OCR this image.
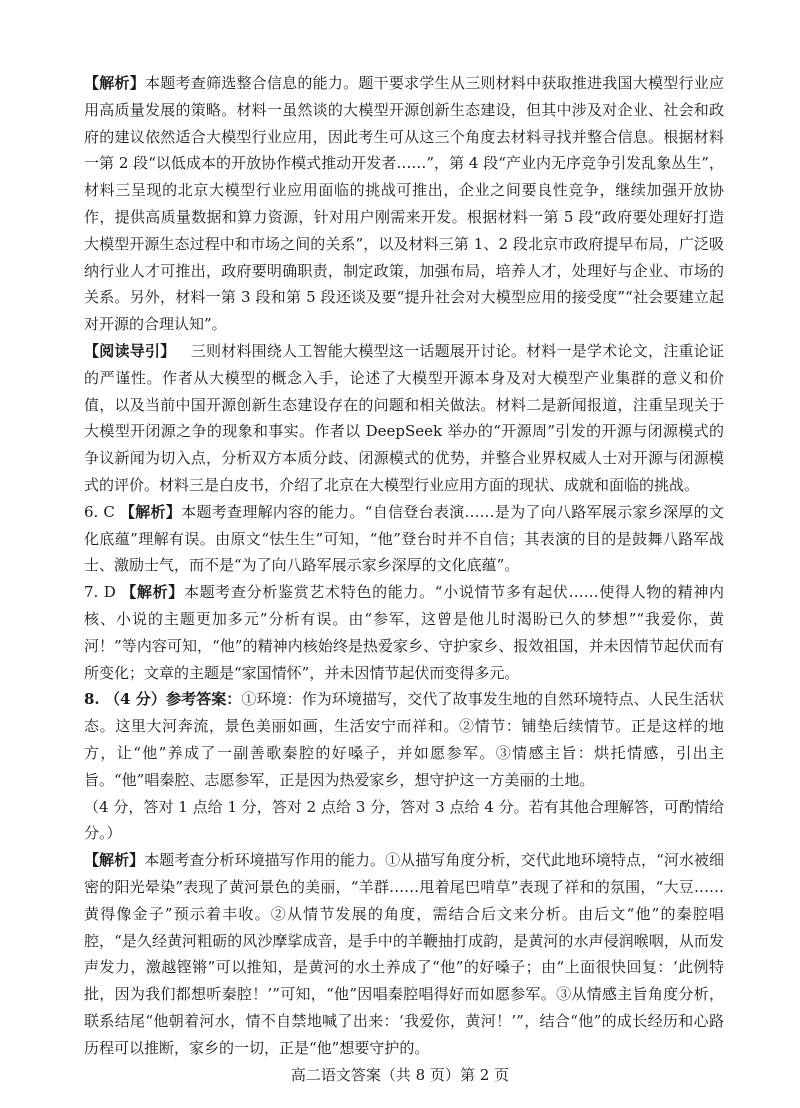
【解析】本题考查筛选整合信息的能力。题干要求学生从三则材料中获取推进我国大模型行业应用高质量发展的策略。材料一虽然谈的大模型开源创新生态建设，但其中涉及对企业、社会和政府的建议依然适合大模型行业应用，因此考生可从这三个角度去材料寻找并整合信息。根据材料一第 2 段“以低成本的开放协作模式推动开发者……”，第 4 段“产业内无序竞争引发乱象丛生”，材料三呈现的北京大模型行业应用面临的挑战可推出，企业之间要良性竞争，继续加强开放协作，提供高质量数据和算力资源，针对用户刚需来开发。根据材料一第 5 段“政府要处理好打造大模型开源生态过程中和市场之间的关系”，以及材料三第 1、2 段北京市政府提早布局，广泛吸纳行业人才可推出，政府要明确职责，制定政策，加强布局，培养人才，处理好与企业、市场的关系。另外，材料一第 3 段和第 5 段还谈及要“提升社会对大模型应用的接受度”“社会要建立起对开源的合理认知”。

【阅读导引】 三则材料围绕人工智能大模型这一话题展开讨论。材料一是学术论文，注重论证的严谨性。作者从大模型的概念入手，论述了大模型开源本身及对大模型产业集群的意义和价值，以及当前中国开源创新生态建设存在的问题和相关做法。材料二是新闻报道，注重呈现关于大模型开闭源之争的现象和事实。作者以 DeepSeek 举办的“开源周”引发的开源与闭源模式的争议新闻为切入点，分析双方本质分歧、闭源模式的优势，并整合业界权威人士对开源与闭源模式的评价。材料三是白皮书，介绍了北京在大模型行业应用方面的现状、成就和面临的挑战。

6. C 【解析】本题考查理解内容的能力。“自信登台表演……是为了向八路军展示家乡深厚的文化底蕴”理解有误。由原文“怯生生”可知，“他”登台时并不自信；其表演的目的是鼓舞八路军战士、激励士气，而不是“为了向八路军展示家乡深厚的文化底蕴”。

7. D 【解析】本题考查分析鉴赏艺术特色的能力。“小说情节多有起伏……使得人物的精神内核、小说的主题更加多元”分析有误。由“参军，这曾是他儿时渴盼已久的梦想”“我爱你，黄河！”等内容可知，“他”的精神内核始终是热爱家乡、守护家乡、报效祖国，并未因情节起伏而有所变化；文章的主题是“家国情怀”，并未因情节起伏而变得多元。

8. （4 分）参考答案：①环境：作为环境描写，交代了故事发生地的自然环境特点、人民生活状态。这里大河奔流，景色美丽如画，生活安宁而祥和。②情节：铺垫后续情节。正是这样的地方，让“他”养成了一副善歌秦腔的好嗓子，并如愿参军。③情感主旨：烘托情感，引出主旨。“他”唱秦腔、志愿参军，正是因为热爱家乡，想守护这一方美丽的土地。

（4 分，答对 1 点给 1 分，答对 2 点给 3 分，答对 3 点给 4 分。若有其他合理解答，可酌情给分。）

【解析】本题考查分析环境描写作用的能力。①从描写角度分析，交代此地环境特点，“河水被细密的阳光晕染”表现了黄河景色的美丽，“羊群……甩着尾巴啃草”表现了祥和的氛围，“大豆……黄得像金子”预示着丰收。②从情节发展的角度，需结合后文来分析。由后文“他”的秦腔唱腔，“是久经黄河粗砺的风沙摩挲成音，是手中的羊鞭抽打成韵，是黄河的水声侵润喉咽，从而发声发力，激越铿锵”可以推知，是黄河的水土养成了“他”的好嗓子；由“上面很快回复：‘此例特批，因为我们都想听秦腔！’”可知，“他”因唱秦腔唱得好而如愿参军。③从情感主旨角度分析，联系结尾“他朝着河水，情不自禁地喊了出来：‘我爱你，黄河！’”，结合“他”的成长经历和心路历程可以推断，家乡的一切，正是“他”想要守护的。

高二语文答案（共 8 页）第 2 页
